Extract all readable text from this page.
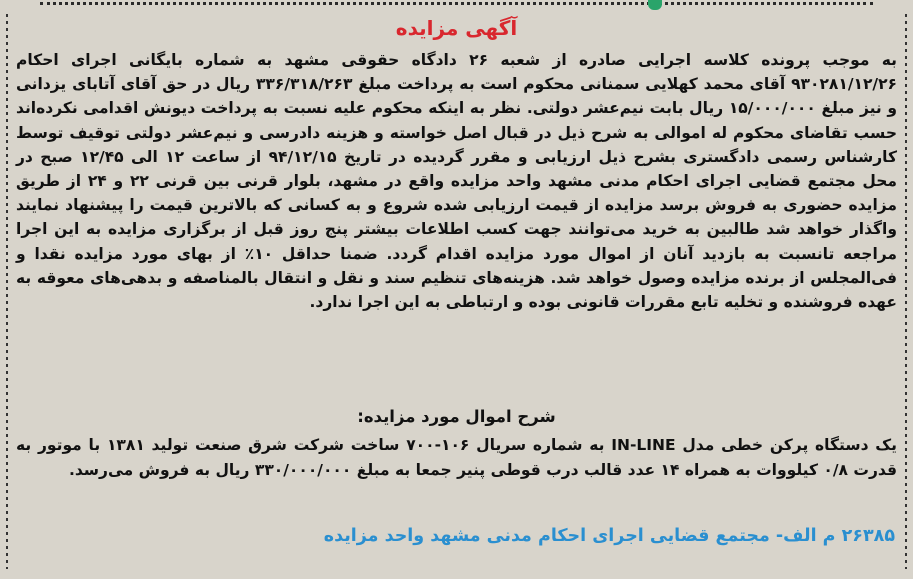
آگهی مزایده

به موجب پرونده کلاسه اجرایی صادره از شعبه ۲۶ دادگاه حقوقی مشهد به شماره بایگانی اجرای احکام ۹۳۰۲۸۱/۱۲/۲۶ آقای محمد کهلایی سمنانی محکوم است به پرداخت مبلغ ۳۳۶/۳۱۸/۲۶۳ ریال در حق آقای آتابای یزدانی و نیز مبلغ ۱۵/۰۰۰/۰۰۰ ریال بابت نیم‌عشر دولتی. نظر به اینکه محکوم علیه نسبت به پرداخت دیونش اقدامی نکرده‌اند حسب تقاضای محکوم له اموالی به شرح ذیل در قبال اصل خواسته و هزینه دادرسی و نیم‌عشر دولتی توقیف توسط کارشناس رسمی دادگستری بشرح ذیل ارزیابی و مقرر گردیده در تاریخ ۹۴/۱۲/۱۵ از ساعت ۱۲ الی ۱۲/۴۵ صبح در محل مجتمع قضایی اجرای احکام مدنی مشهد واحد مزایده واقع در مشهد، بلوار قرنی بین قرنی ۲۲ و ۲۴ از طریق مزایده حضوری به فروش برسد مزایده از قیمت ارزیابی شده شروع و به کسانی که بالاترین قیمت را پیشنهاد نمایند واگذار خواهد شد طالبین به خرید می‌توانند جهت کسب اطلاعات بیشتر پنج روز قبل از برگزاری مزایده به این اجرا مراجعه تانسبت به بازدید آنان از اموال مورد مزایده اقدام گردد. ضمنا حداقل ۱۰٪ از بهای مورد مزایده نقدا و فی‌المجلس از برنده مزایده وصول خواهد شد. هزینه‌های تنظیم سند و نقل و انتقال بالمناصفه و بدهی‌های معوقه به عهده فروشنده و تخلیه تابع مقررات قانونی بوده و ارتباطی به این اجرا ندارد.

شرح اموال مورد مزایده:

یک دستگاه پرکن خطی مدل IN-LINE به شماره سریال ۱۰۶-۷۰۰ ساخت شرکت شرق صنعت تولید ۱۳۸۱ با موتور به قدرت ۰/۸ کیلووات به همراه ۱۴ عدد قالب درب قوطی پنیر جمعا به مبلغ ۳۳۰/۰۰۰/۰۰۰ ریال به فروش می‌رسد.

۲۶۳۸۵ م الف- مجتمع قضایی اجرای احکام مدنی مشهد واحد مزایده
